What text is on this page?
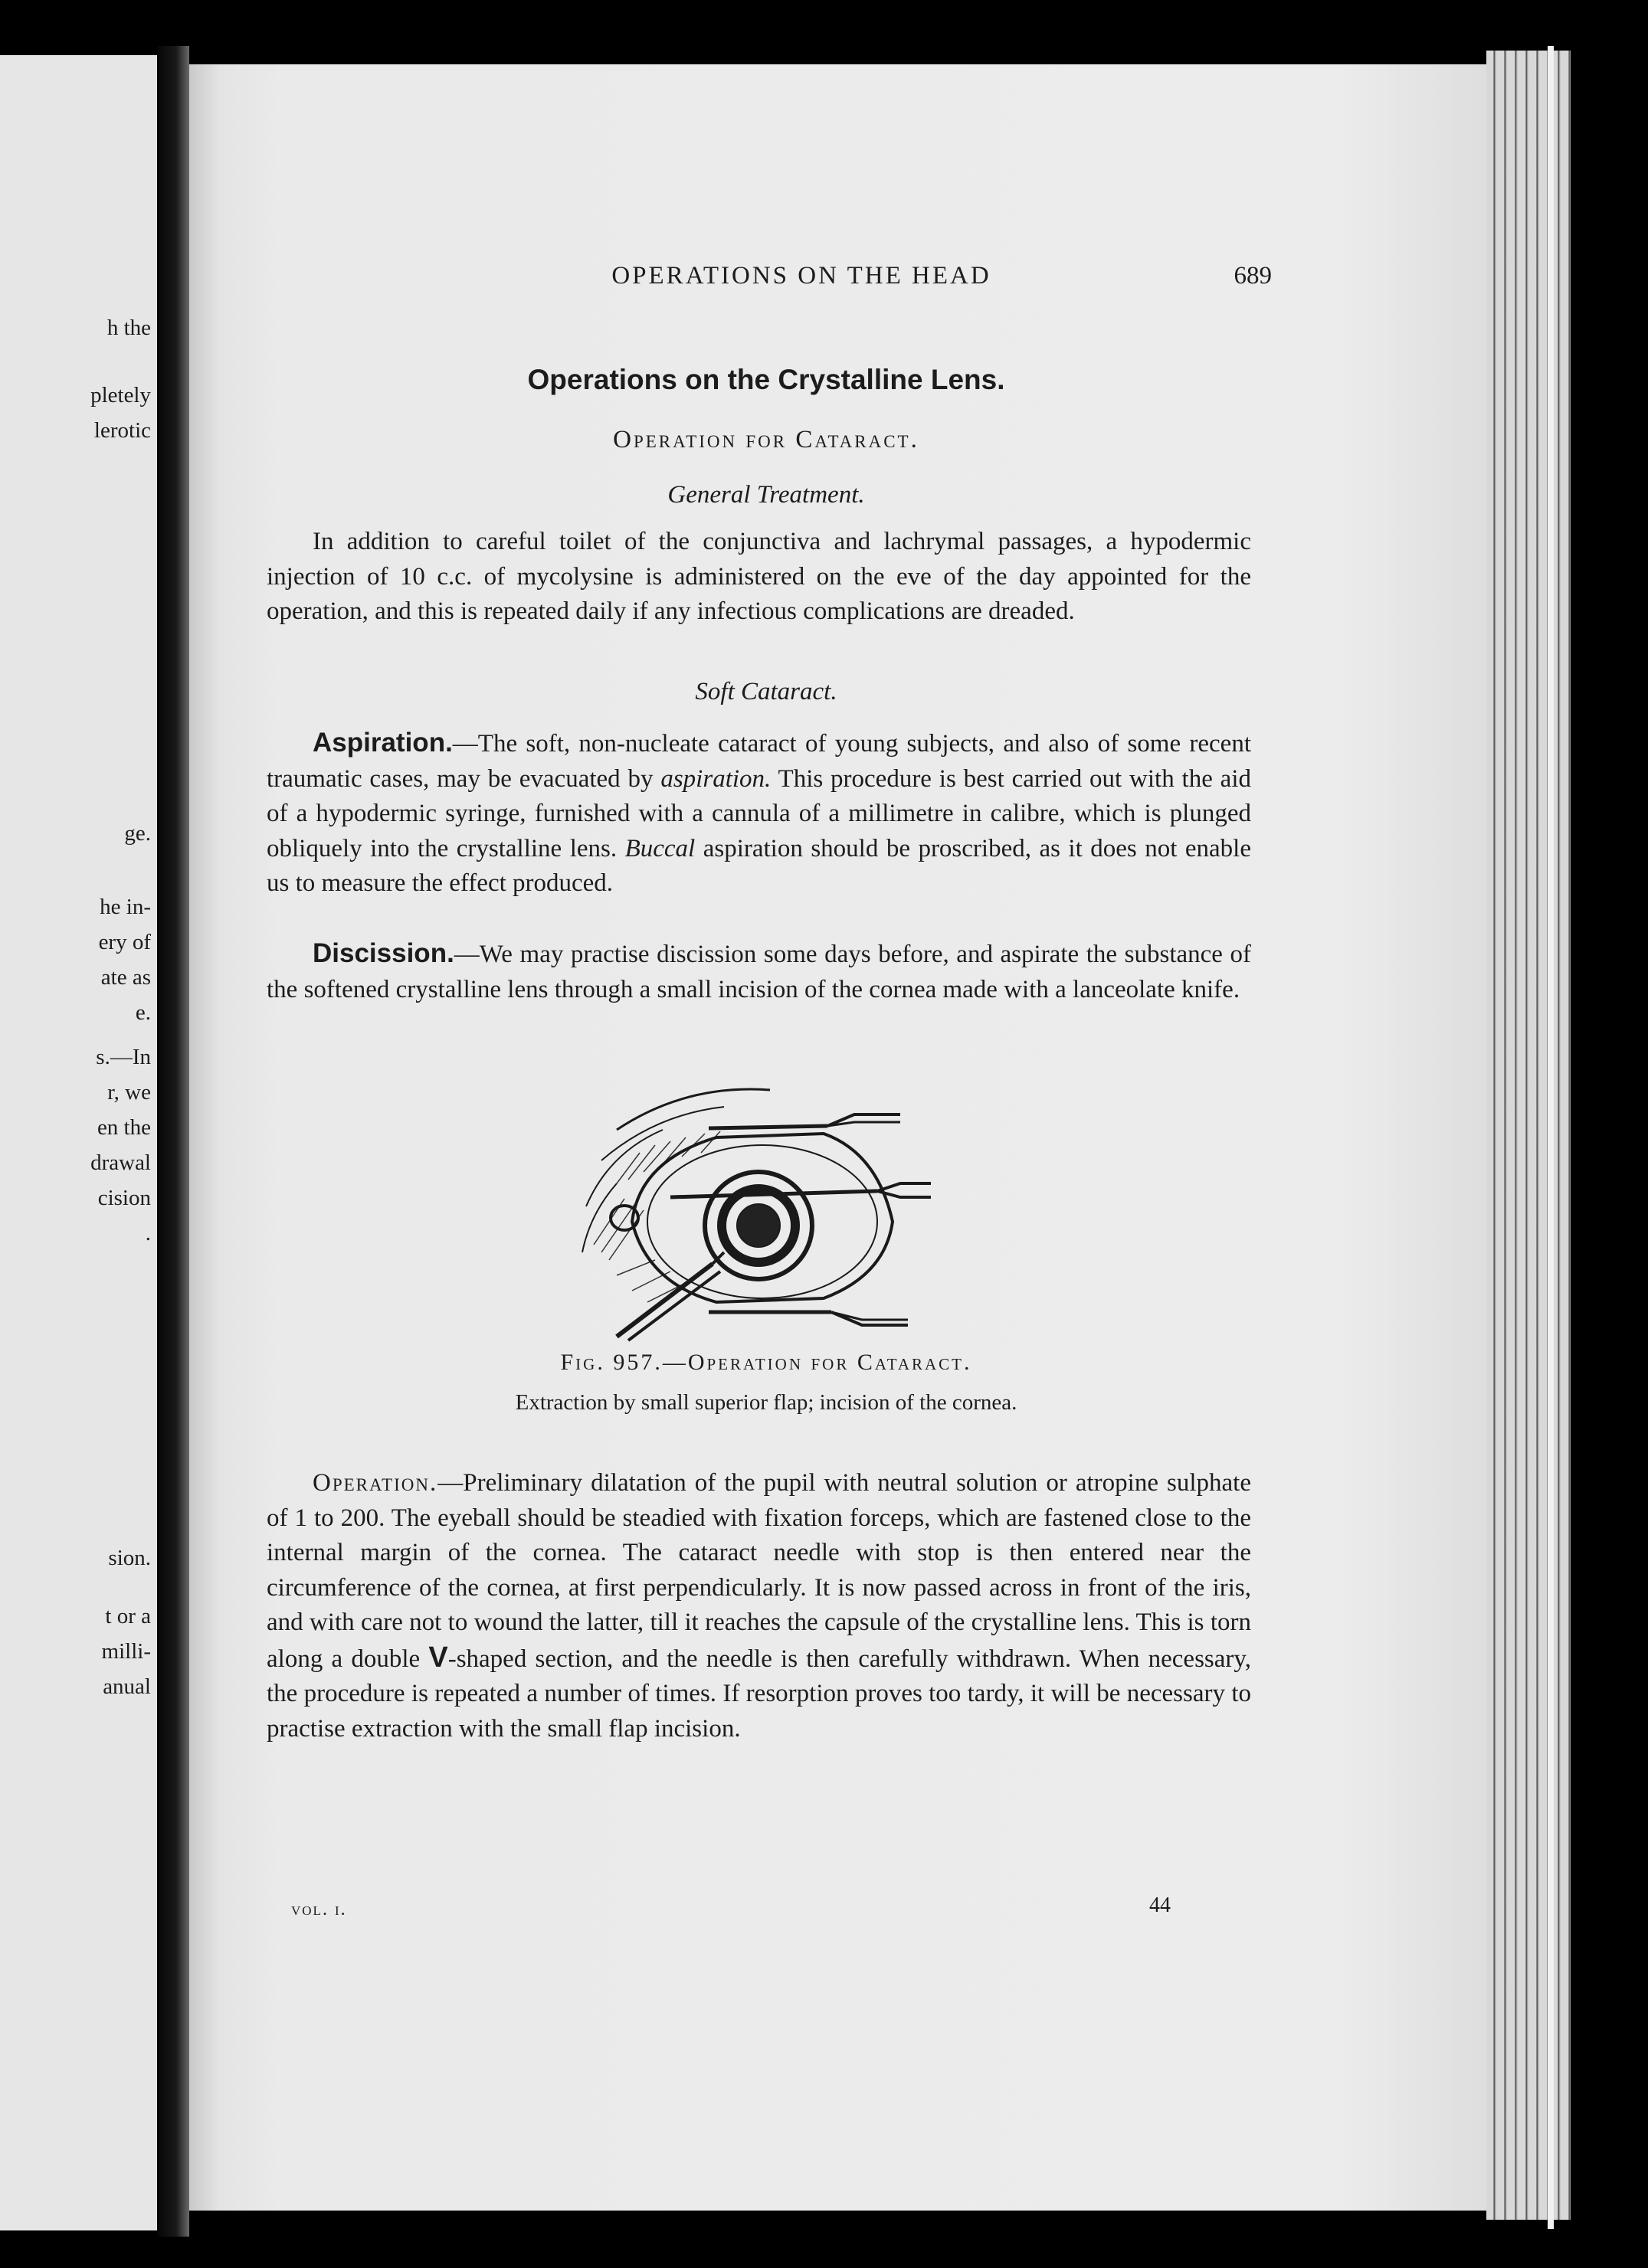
h the
pletely
lerotic
ge.
he in-
ery of
ate as
e.
s.—In
r, we
en the
drawal
cision
.
sion.
t or a
milli-
anual
OPERATIONS ON THE HEAD	689
Operations on the Crystalline Lens.
Operation for Cataract.
General Treatment.
In addition to careful toilet of the conjunctiva and lachrymal passages, a hypodermic injection of 10 c.c. of mycolysine is administered on the eve of the day appointed for the operation, and this is repeated daily if any infectious complications are dreaded.
Soft Cataract.
Aspiration.—The soft, non-nucleate cataract of young subjects, and also of some recent traumatic cases, may be evacuated by aspiration. This procedure is best carried out with the aid of a hypodermic syringe, furnished with a cannula of a millimetre in calibre, which is plunged obliquely into the crystalline lens. Buccal aspiration should be proscribed, as it does not enable us to measure the effect produced.
Discission.—We may practise discission some days before, and aspirate the substance of the softened crystalline lens through a small incision of the cornea made with a lanceolate knife.
Fig. 957.—Operation for Cataract.
Extraction by small superior flap; incision of the cornea.
Operation.—Preliminary dilatation of the pupil with neutral solution or atropine sulphate of 1 to 200. The eyeball should be steadied with fixation forceps, which are fastened close to the internal margin of the cornea. The cataract needle with stop is then entered near the circumference of the cornea, at first perpendicularly. It is now passed across in front of the iris, and with care not to wound the latter, till it reaches the capsule of the crystalline lens. This is torn along a double V-shaped section, and the needle is then carefully withdrawn. When necessary, the procedure is repeated a number of times. If resorption proves too tardy, it will be necessary to practise extraction with the small flap incision.
vol. i.	44
